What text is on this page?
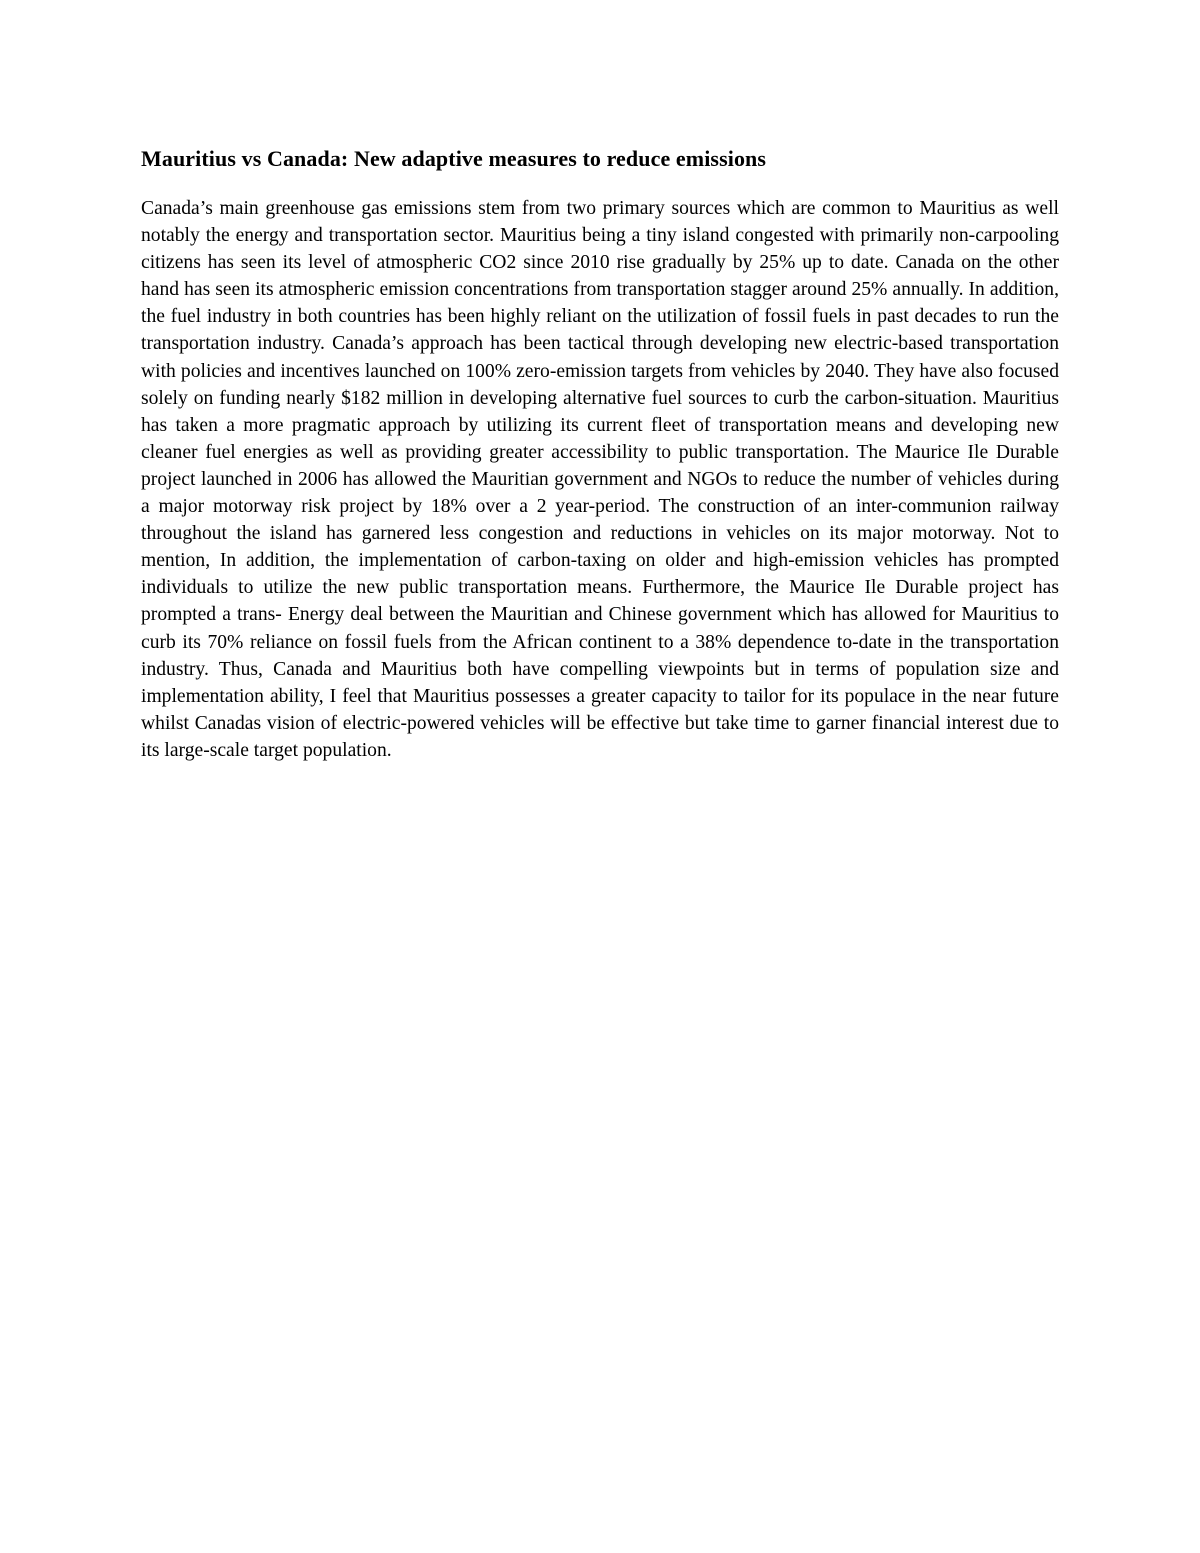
Mauritius vs Canada: New adaptive measures to reduce emissions

Canada’s main greenhouse gas emissions stem from two primary sources which are common to Mauritius as well notably the energy and transportation sector. Mauritius being a tiny island congested with primarily non-carpooling citizens has seen its level of atmospheric CO2 since 2010 rise gradually by 25% up to date. Canada on the other hand has seen its atmospheric emission concentrations from transportation stagger around 25% annually. In addition, the fuel industry in both countries has been highly reliant on the utilization of fossil fuels in past decades to run the transportation industry. Canada’s approach has been tactical through developing new electric-based transportation with policies and incentives launched on 100% zero-emission targets from vehicles by 2040. They have also focused solely on funding nearly $182 million in developing alternative fuel sources to curb the carbon-situation. Mauritius has taken a more pragmatic approach by utilizing its current fleet of transportation means and developing new cleaner fuel energies as well as providing greater accessibility to public transportation. The Maurice Ile Durable project launched in 2006 has allowed the Mauritian government and NGOs to reduce the number of vehicles during a major motorway risk project by 18% over a 2 year-period. The construction of an inter-communion railway throughout the island has garnered less congestion and reductions in vehicles on its major motorway. Not to mention, In addition, the implementation of carbon-taxing on older and high-emission vehicles has prompted individuals to utilize the new public transportation means. Furthermore, the Maurice Ile Durable project has prompted a trans- Energy deal between the Mauritian and Chinese government which has allowed for Mauritius to curb its 70% reliance on fossil fuels from the African continent to a 38% dependence to-date in the transportation industry. Thus, Canada and Mauritius both have compelling viewpoints but in terms of population size and implementation ability, I feel that Mauritius possesses a greater capacity to tailor for its populace in the near future whilst Canadas vision of electric-powered vehicles will be effective but take time to garner financial interest due to its large-scale target population.
